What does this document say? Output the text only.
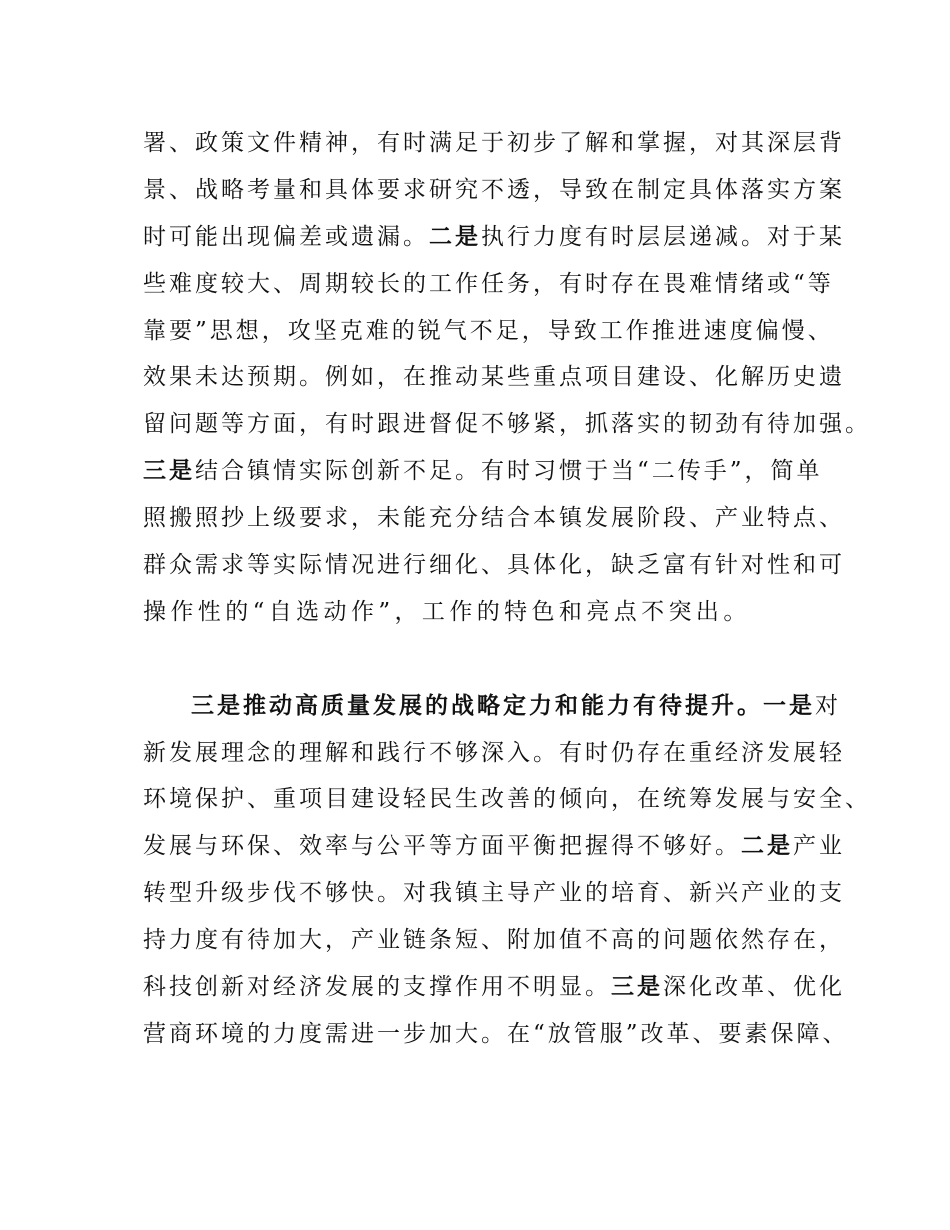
署、政策文件精神，有时满足于初步了解和掌握，对其深层背
景、战略考量和具体要求研究不透，导致在制定具体落实方案
时可能出现偏差或遗漏。二是执行力度有时层层递减。对于某
些难度较大、周期较长的工作任务，有时存在畏难情绪或“等
靠要”思想，攻坚克难的锐气不足，导致工作推进速度偏慢、
效果未达预期。例如，在推动某些重点项目建设、化解历史遗
留问题等方面，有时跟进督促不够紧，抓落实的韧劲有待加强。
三是结合镇情实际创新不足。有时习惯于当“二传手”，简单
照搬照抄上级要求，未能充分结合本镇发展阶段、产业特点、
群众需求等实际情况进行细化、具体化，缺乏富有针对性和可
操作性的“自选动作”，工作的特色和亮点不突出。
三是推动高质量发展的战略定力和能力有待提升。一是对
新发展理念的理解和践行不够深入。有时仍存在重经济发展轻
环境保护、重项目建设轻民生改善的倾向，在统筹发展与安全、
发展与环保、效率与公平等方面平衡把握得不够好。二是产业
转型升级步伐不够快。对我镇主导产业的培育、新兴产业的支
持力度有待加大，产业链条短、附加值不高的问题依然存在，
科技创新对经济发展的支撑作用不明显。三是深化改革、优化
营商环境的力度需进一步加大。在“放管服”改革、要素保障、
